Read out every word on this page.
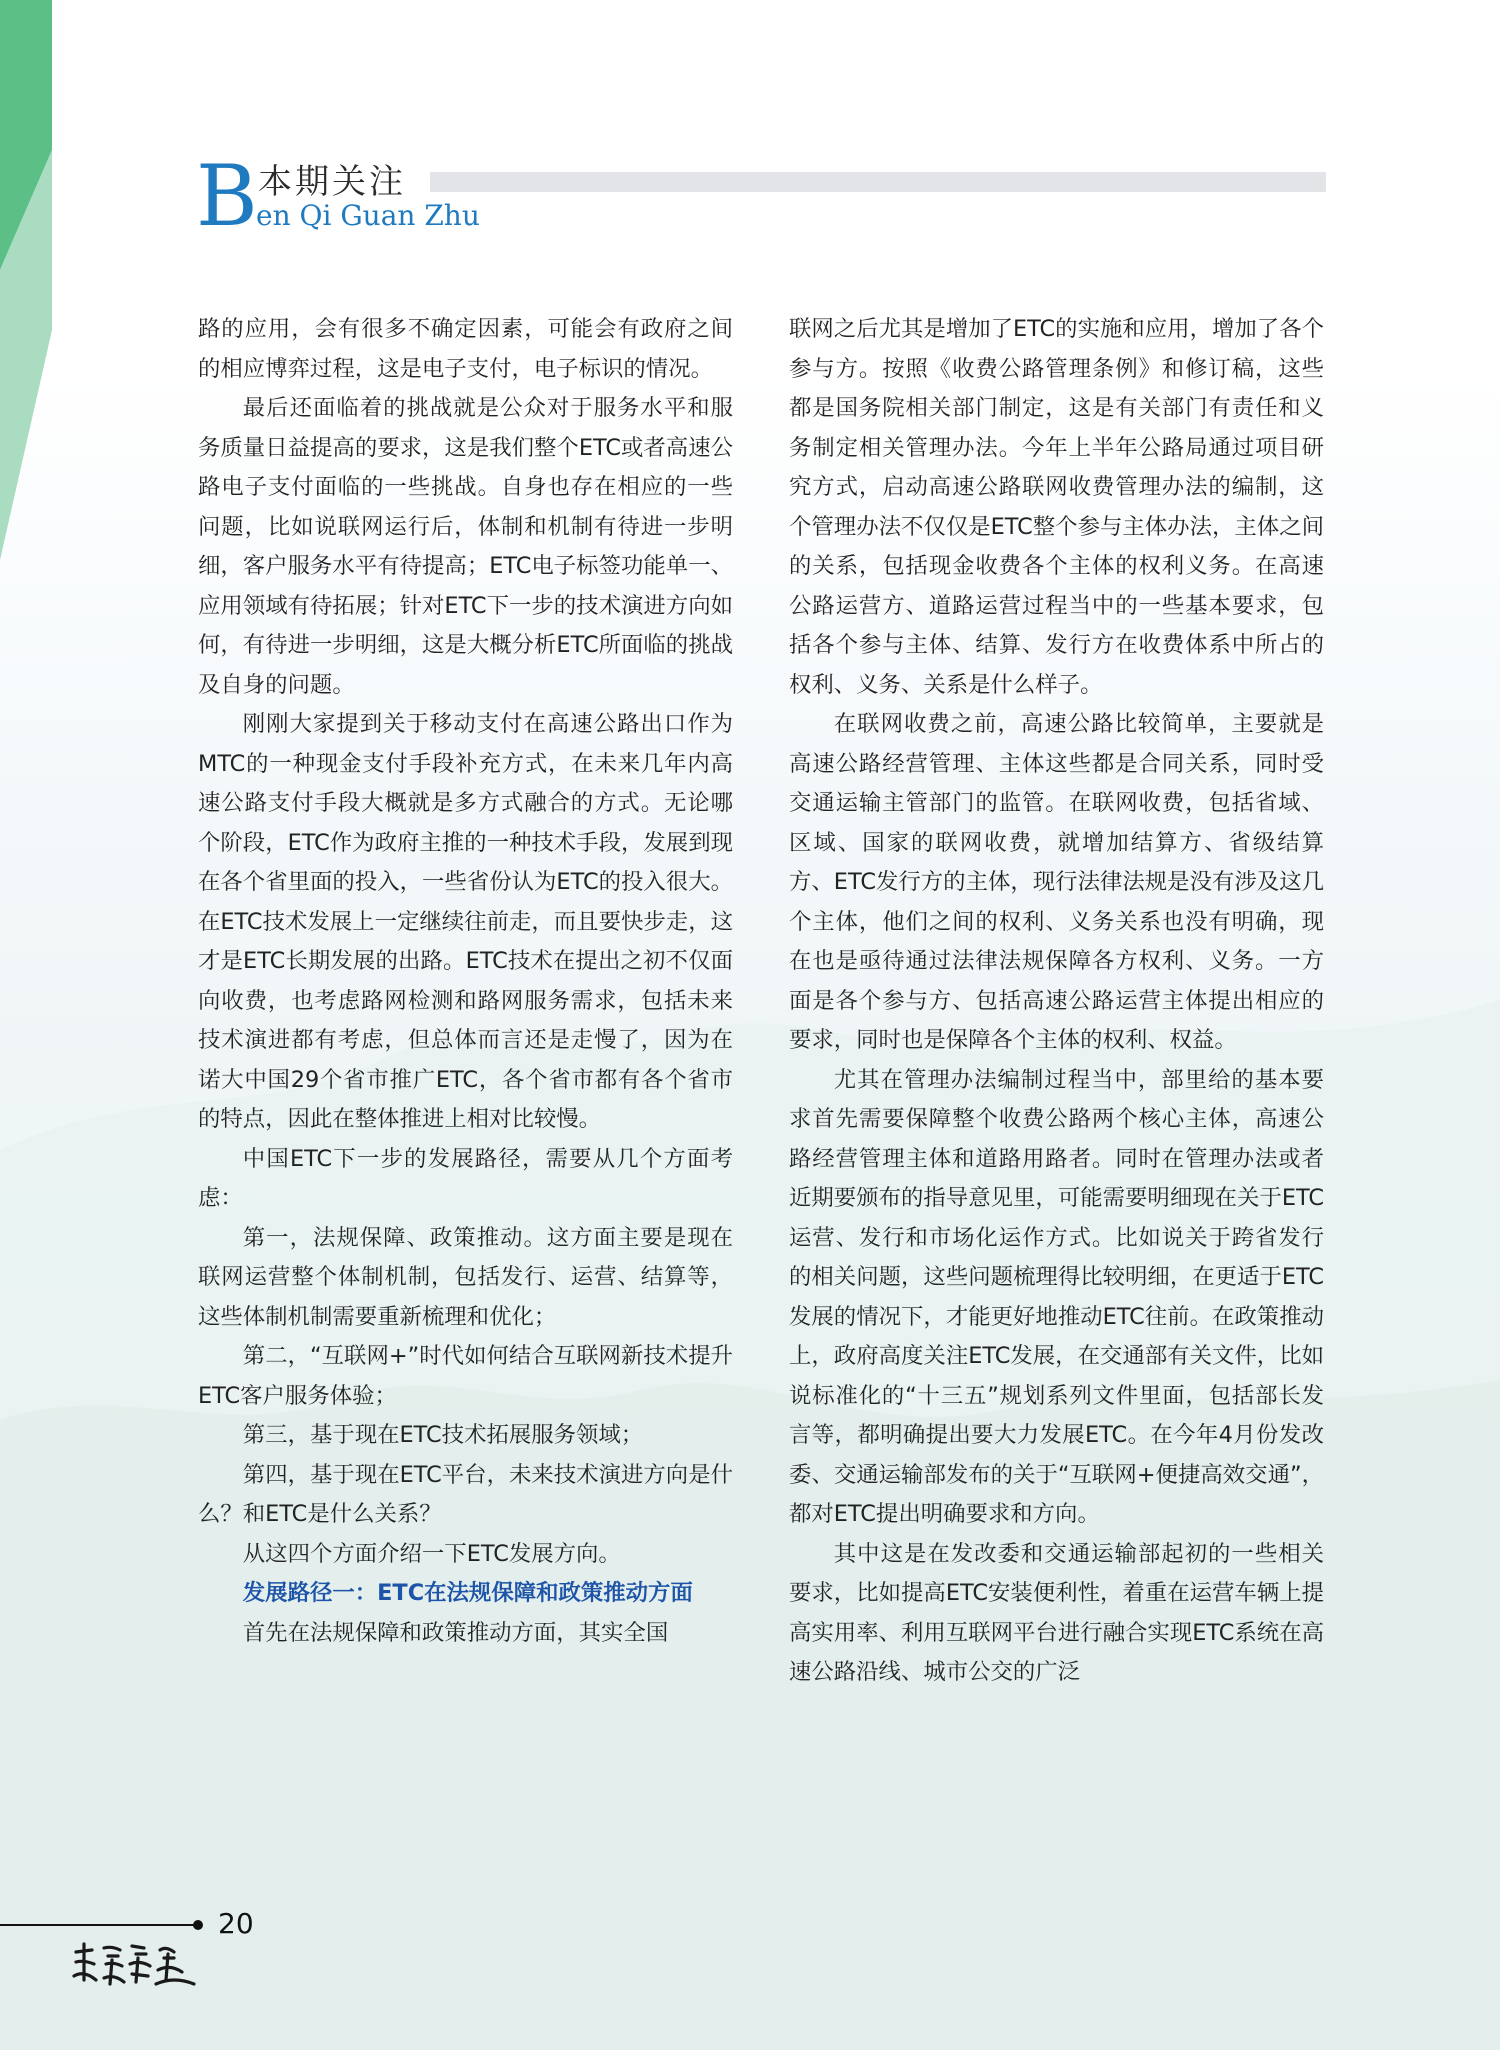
B 本期关注
en Qi Guan Zhu

路的应用，会有很多不确定因素，可能会有政府之间的相应博弈过程，这是电子支付，电子标识的情况。

最后还面临着的挑战就是公众对于服务水平和服务质量日益提高的要求，这是我们整个ETC或者高速公路电子支付面临的一些挑战。自身也存在相应的一些问题，比如说联网运行后，体制和机制有待进一步明细，客户服务水平有待提高；ETC电子标签功能单一、应用领域有待拓展；针对ETC下一步的技术演进方向如何，有待进一步明细，这是大概分析ETC所面临的挑战及自身的问题。

刚刚大家提到关于移动支付在高速公路出口作为MTC的一种现金支付手段补充方式，在未来几年内高速公路支付手段大概就是多方式融合的方式。无论哪个阶段，ETC作为政府主推的一种技术手段，发展到现在各个省里面的投入，一些省份认为ETC的投入很大。在ETC技术发展上一定继续往前走，而且要快步走，这才是ETC长期发展的出路。ETC技术在提出之初不仅面向收费，也考虑路网检测和路网服务需求，包括未来技术演进都有考虑，但总体而言还是走慢了，因为在诺大中国29个省市推广ETC，各个省市都有各个省市的特点，因此在整体推进上相对比较慢。

中国ETC下一步的发展路径，需要从几个方面考虑：

第一，法规保障、政策推动。这方面主要是现在联网运营整个体制机制，包括发行、运营、结算等，这些体制机制需要重新梳理和优化；

第二，“互联网+”时代如何结合互联网新技术提升ETC客户服务体验；

第三，基于现在ETC技术拓展服务领域；

第四，基于现在ETC平台，未来技术演进方向是什么？和ETC是什么关系？

从这四个方面介绍一下ETC发展方向。

发展路径一：ETC在法规保障和政策推动方面

首先在法规保障和政策推动方面，其实全国

联网之后尤其是增加了ETC的实施和应用，增加了各个参与方。按照《收费公路管理条例》和修订稿，这些都是国务院相关部门制定，这是有关部门有责任和义务制定相关管理办法。今年上半年公路局通过项目研究方式，启动高速公路联网收费管理办法的编制，这个管理办法不仅仅是ETC整个参与主体办法，主体之间的关系，包括现金收费各个主体的权利义务。在高速公路运营方、道路运营过程当中的一些基本要求，包括各个参与主体、结算、发行方在收费体系中所占的权利、义务、关系是什么样子。

在联网收费之前，高速公路比较简单，主要就是高速公路经营管理、主体这些都是合同关系，同时受交通运输主管部门的监管。在联网收费，包括省域、区域、国家的联网收费，就增加结算方、省级结算方、ETC发行方的主体，现行法律法规是没有涉及这几个主体，他们之间的权利、义务关系也没有明确，现在也是亟待通过法律法规保障各方权利、义务。一方面是各个参与方、包括高速公路运营主体提出相应的要求，同时也是保障各个主体的权利、权益。

尤其在管理办法编制过程当中，部里给的基本要求首先需要保障整个收费公路两个核心主体，高速公路经营管理主体和道路用路者。同时在管理办法或者近期要颁布的指导意见里，可能需要明细现在关于ETC运营、发行和市场化运作方式。比如说关于跨省发行的相关问题，这些问题梳理得比较明细，在更适于ETC发展的情况下，才能更好地推动ETC往前。在政策推动上，政府高度关注ETC发展，在交通部有关文件，比如说标准化的“十三五”规划系列文件里面，包括部长发言等，都明确提出要大力发展ETC。在今年4月份发改委、交通运输部发布的关于“互联网+便捷高效交通”，都对ETC提出明确要求和方向。

其中这是在发改委和交通运输部起初的一些相关要求，比如提高ETC安装便利性，着重在运营车辆上提高实用率、利用互联网平台进行融合实现ETC系统在高速公路沿线、城市公交的广泛

20
